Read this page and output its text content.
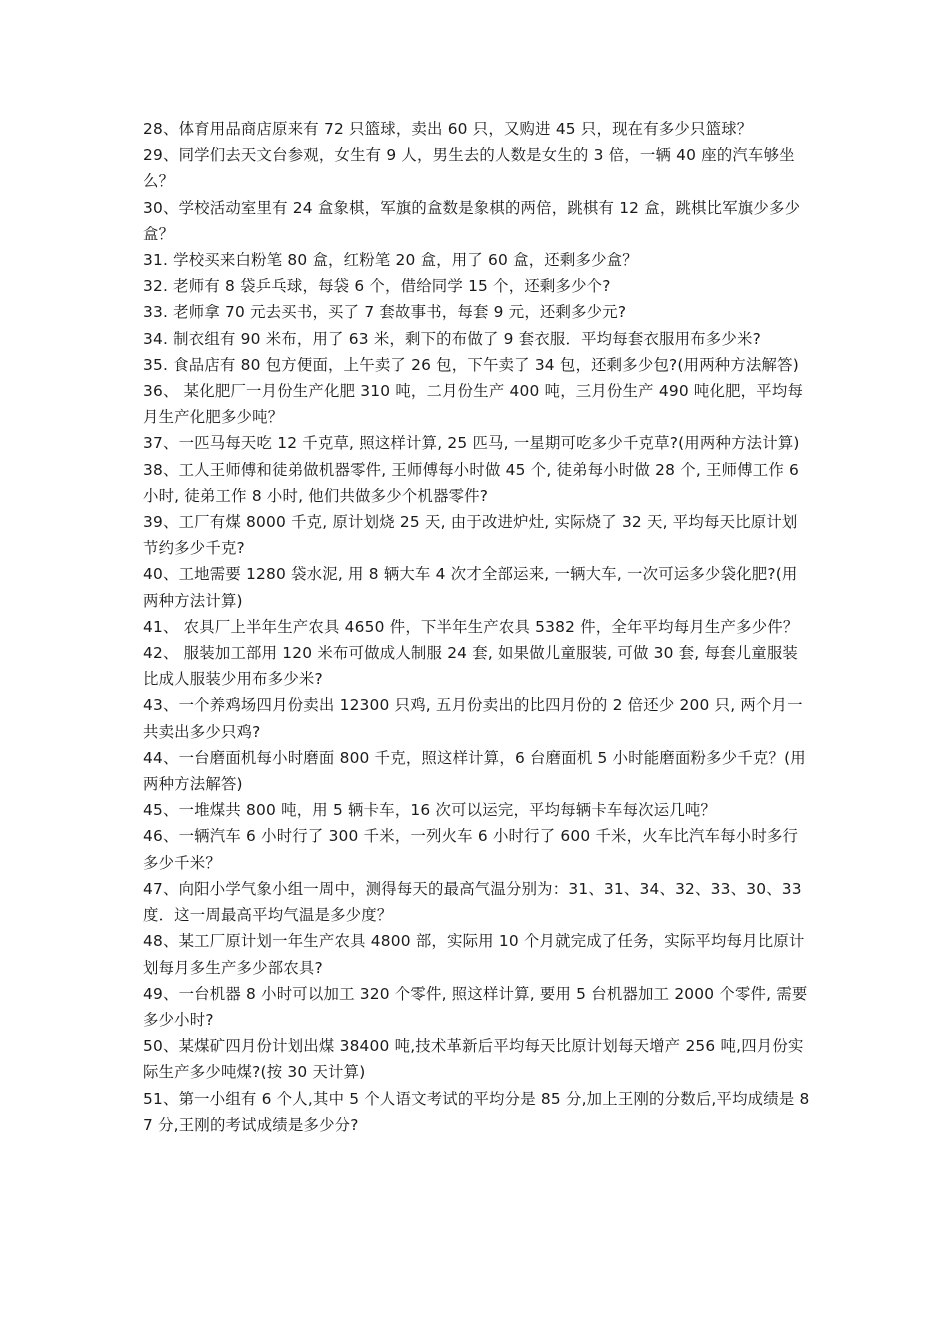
28、体育用品商店原来有 72 只篮球，卖出 60 只，又购进 45 只，现在有多少只篮球？

29、同学们去天文台参观，女生有 9 人，男生去的人数是女生的 3 倍，一辆 40 座的汽车够坐么？

30、学校活动室里有 24 盒象棋，军旗的盒数是象棋的两倍，跳棋有 12 盒，跳棋比军旗少多少盒？

31. 学校买来白粉笔 80 盒，红粉笔 20 盒，用了 60 盒，还剩多少盒？

32. 老师有 8 袋乒乓球，每袋 6 个，借给同学 15 个，还剩多少个?

33. 老师拿 70 元去买书，买了 7 套故事书，每套 9 元，还剩多少元?

34. 制衣组有 90 米布，用了 63 米，剩下的布做了 9 套衣服．平均每套衣服用布多少米?

35. 食品店有 80 包方便面，上午卖了 26 包，下午卖了 34 包，还剩多少包?(用两种方法解答)

36、 某化肥厂一月份生产化肥 310 吨，二月份生产 400 吨，三月份生产 490 吨化肥，平均每月生产化肥多少吨？

37、一匹马每天吃 12 千克草, 照这样计算, 25 匹马, 一星期可吃多少千克草?(用两种方法计算)

38、工人王师傅和徒弟做机器零件, 王师傅每小时做 45 个, 徒弟每小时做 28 个, 王师傅工作 6 小时, 徒弟工作 8 小时, 他们共做多少个机器零件?

39、工厂有煤 8000 千克, 原计划烧 25 天, 由于改进炉灶, 实际烧了 32 天, 平均每天比原计划节约多少千克?

40、工地需要 1280 袋水泥, 用 8 辆大车 4 次才全部运来, 一辆大车, 一次可运多少袋化肥?(用两种方法计算)

41、 农具厂上半年生产农具 4650 件，下半年生产农具 5382 件，全年平均每月生产多少件？

42、 服装加工部用 120 米布可做成人制服 24 套, 如果做儿童服装, 可做 30 套, 每套儿童服装比成人服装少用布多少米?

43、一个养鸡场四月份卖出 12300 只鸡, 五月份卖出的比四月份的 2 倍还少 200 只, 两个月一共卖出多少只鸡?

44、一台磨面机每小时磨面 800 千克，照这样计算，6 台磨面机 5 小时能磨面粉多少千克？(用两种方法解答)

45、一堆煤共 800 吨，用 5 辆卡车，16 次可以运完，平均每辆卡车每次运几吨？

46、一辆汽车 6 小时行了 300 千米，一列火车 6 小时行了 600 千米，火车比汽车每小时多行多少千米？

47、向阳小学气象小组一周中，测得每天的最高气温分别为：31、31、34、32、33、30、33 度．这一周最高平均气温是多少度？

48、某工厂原计划一年生产农具 4800 部，实际用 10 个月就完成了任务，实际平均每月比原计划每月多生产多少部农具?

49、一台机器 8 小时可以加工 320 个零件, 照这样计算, 要用 5 台机器加工 2000 个零件, 需要多少小时?

50、某煤矿四月份计划出煤 38400 吨,技术革新后平均每天比原计划每天增产 256 吨,四月份实际生产多少吨煤?(按 30 天计算)

51、第一小组有 6 个人,其中 5 个人语文考试的平均分是 85 分,加上王刚的分数后,平均成绩是 87 分,王刚的考试成绩是多少分?
